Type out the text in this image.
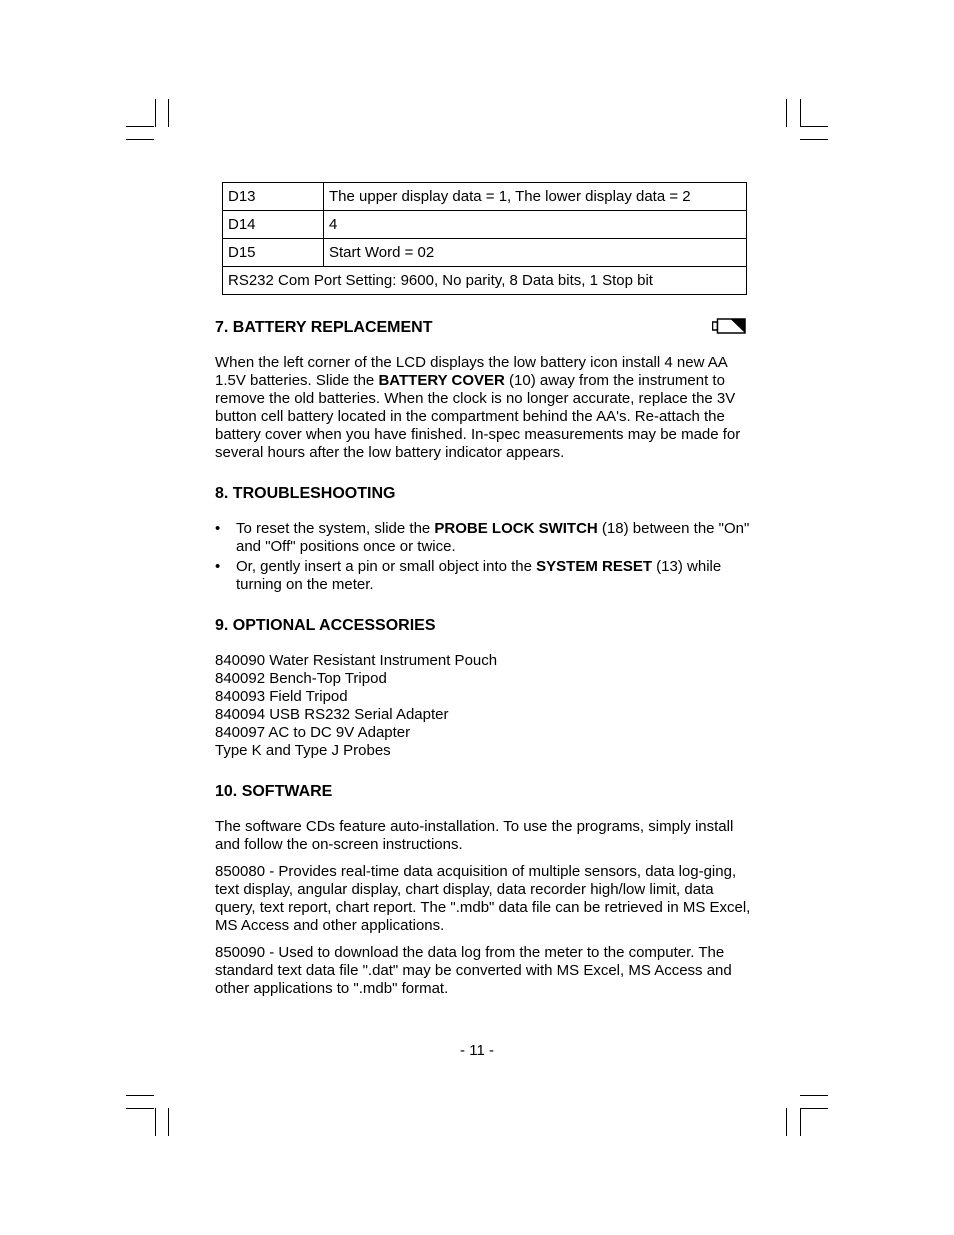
D13	The upper display data = 1, The lower display data = 2
D14	4
D15	Start Word = 02
RS232 Com Port Setting: 9600, No parity, 8 Data bits, 1 Stop bit	
7. BATTERY REPLACEMENT

When the left corner of the LCD displays the low battery icon install 4 new AA 1.5V batteries. Slide the BATTERY COVER (10) away from the instrument to remove the old batteries. When the clock is no longer accurate, replace the 3V button cell battery located in the compartment behind the AA's. Re-attach the battery cover when you have finished. In-spec measurements may be made for several hours after the low battery indicator appears.

8. TROUBLESHOOTING
• To reset the system, slide the PROBE LOCK SWITCH (18) between the "On" and "Off" positions once or twice.
• Or, gently insert a pin or small object into the SYSTEM RESET (13) while turning on the meter.
9. OPTIONAL ACCESSORIES
840090 Water Resistant Instrument Pouch
840092 Bench-Top Tripod
840093 Field Tripod
840094 USB RS232 Serial Adapter
840097 AC to DC 9V Adapter
Type K and Type J Probes
10. SOFTWARE

The software CDs feature auto-installation. To use the programs, simply install and follow the on-screen instructions.

850080 - Provides real-time data acquisition of multiple sensors, data log-ging, text display, angular display, chart display, data recorder high/low limit, data query, text report, chart report. The ".mdb" data file can be retrieved in MS Excel, MS Access and other applications.

850090 - Used to download the data log from the meter to the computer. The standard text data file ".dat" may be converted with MS Excel, MS Access and other applications to ".mdb" format.

- 11 -
